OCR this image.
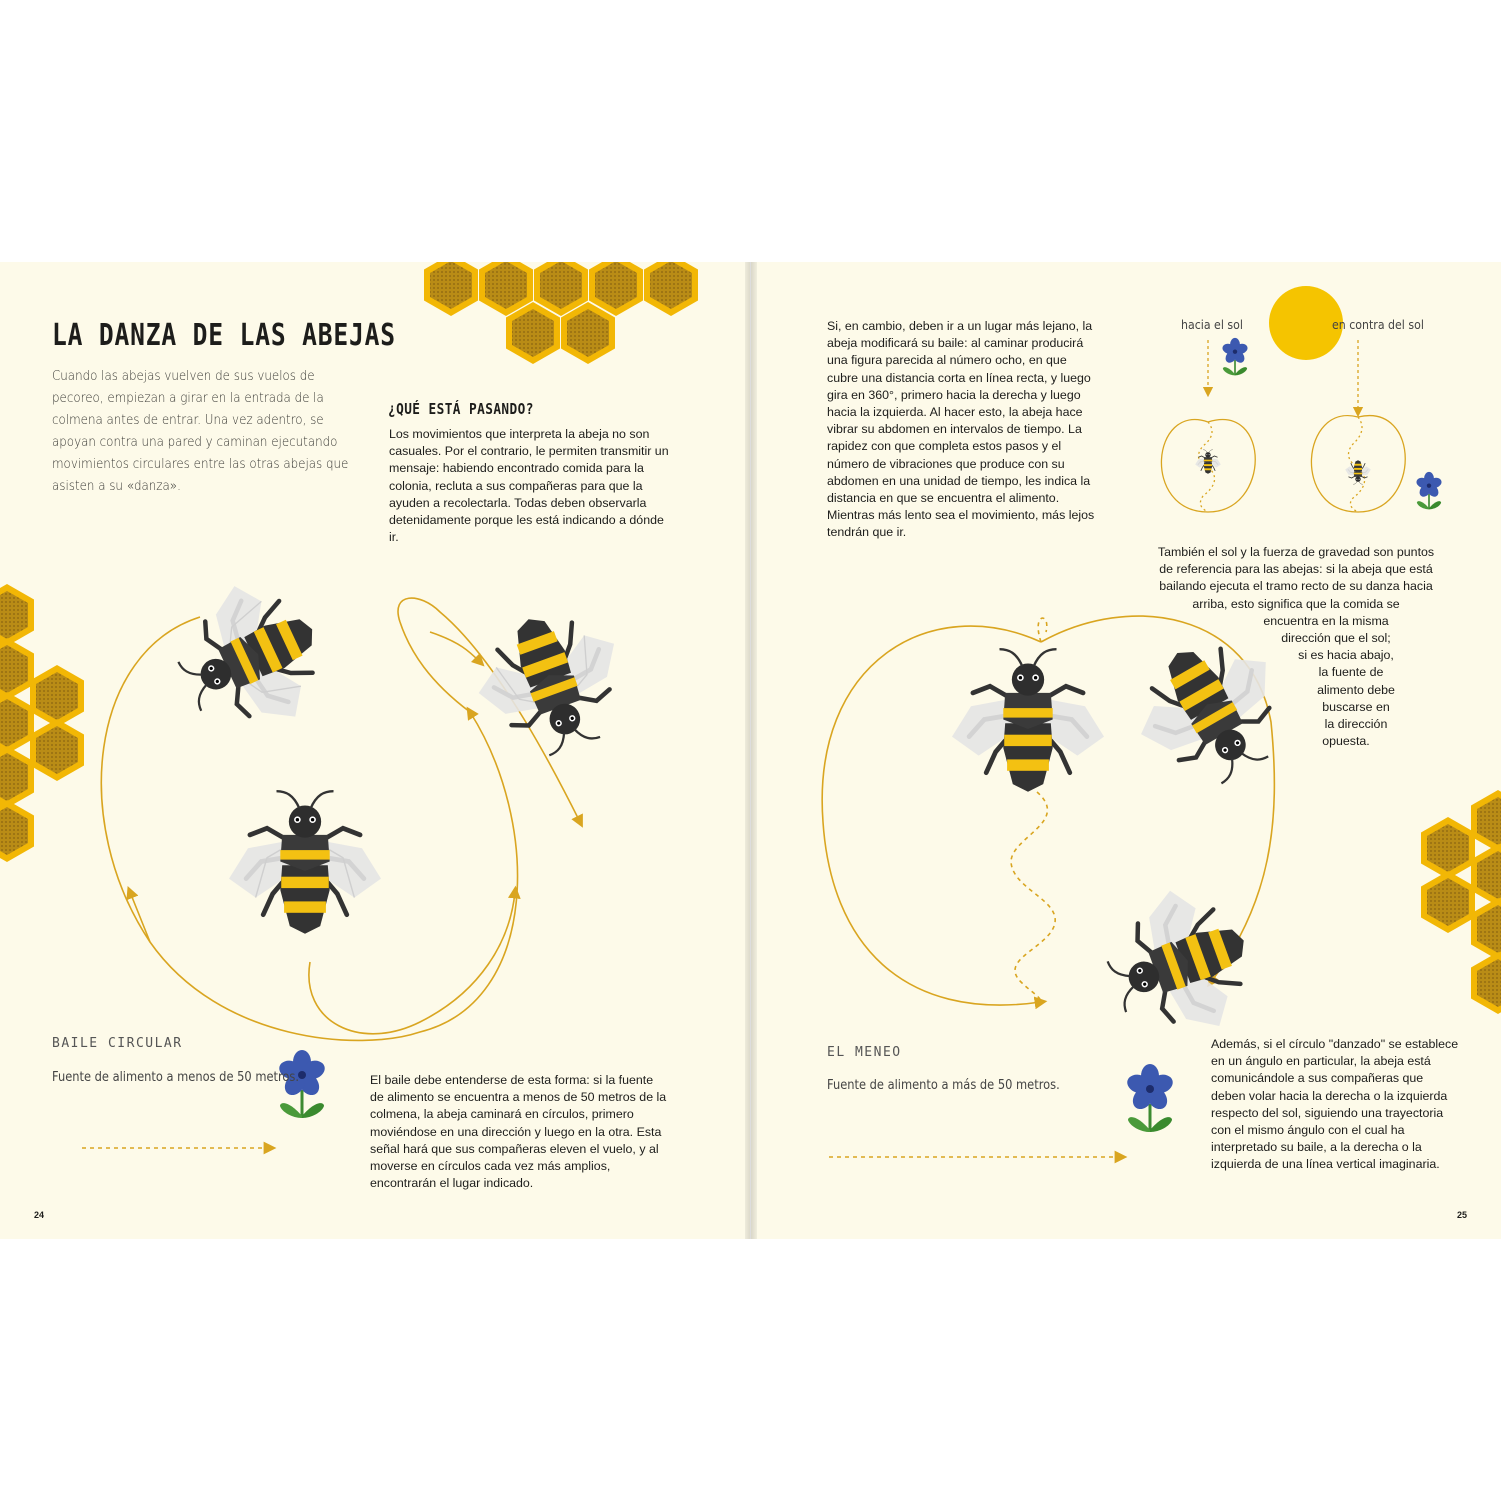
LA DANZA DE LAS ABEJAS
Cuando las abejas vuelven de sus vuelos de pecoreo, empiezan a girar en la entrada de la colmena antes de entrar. Una vez adentro, se apoyan contra una pared y caminan ejecutando movimientos circulares entre las otras abejas que asisten a su «danza».
¿QUÉ ESTÁ PASANDO?

Los movimientos que interpreta la abeja no son casuales. Por el contrario, le permiten transmitir un mensaje: habiendo encontrado comida para la colonia, recluta a sus compañeras para que la ayuden a recolectarla. Todas deben observarla detenidamente porque les está indicando a dónde ir.

BAILE CIRCULAR
Fuente de alimento a menos de 50 metros.	El baile debe entenderse de esta forma: si la fuente de alimento se encuentra a menos de 50 metros de la colmena, la abeja caminará en círculos, primero moviéndose en una dirección y luego en la otra. Esta señal hará que sus compañeras eleven el vuelo, y al moverse en círculos cada vez más amplios, encontrarán el lugar indicado.

24

Si, en cambio, deben ir a un lugar más lejano, la abeja modificará su baile: al caminar producirá una figura parecida al número ocho, en que cubre una distancia corta en línea recta, y luego gira en 360°, primero hacia la derecha y luego hacia la izquierda. Al hacer esto, la abeja hace vibrar su abdomen en intervalos de tiempo. La rapidez con que completa estos pasos y el número de vibraciones que produce con su abdomen en una unidad de tiempo, les indica la distancia en que se encuentra el alimento. Mientras más lento sea el movimiento, más lejos tendrán que ir.

hacia el sol	en contra del sol
También el sol y la fuerza de gravedad son puntos
de referencia para las abejas: si la abeja que está
bailando ejecuta el tramo recto de su danza hacia
arriba, esto significa que la comida se
encuentra en la misma
dirección que el sol;
si es hacia abajo,
la fuente de
alimento debe
buscarse en
la dirección
opuesta.
EL MENEO
Fuente de alimento a más de 50 metros.

Además, si el círculo "danzado" se establece en un ángulo en particular, la abeja está comunicándole a sus compañeras que deben volar hacia la derecha o la izquierda respecto del sol, siguiendo una trayectoria con el mismo ángulo con el cual ha interpretado su baile, a la derecha o la izquierda de una línea vertical imaginaria.

25
